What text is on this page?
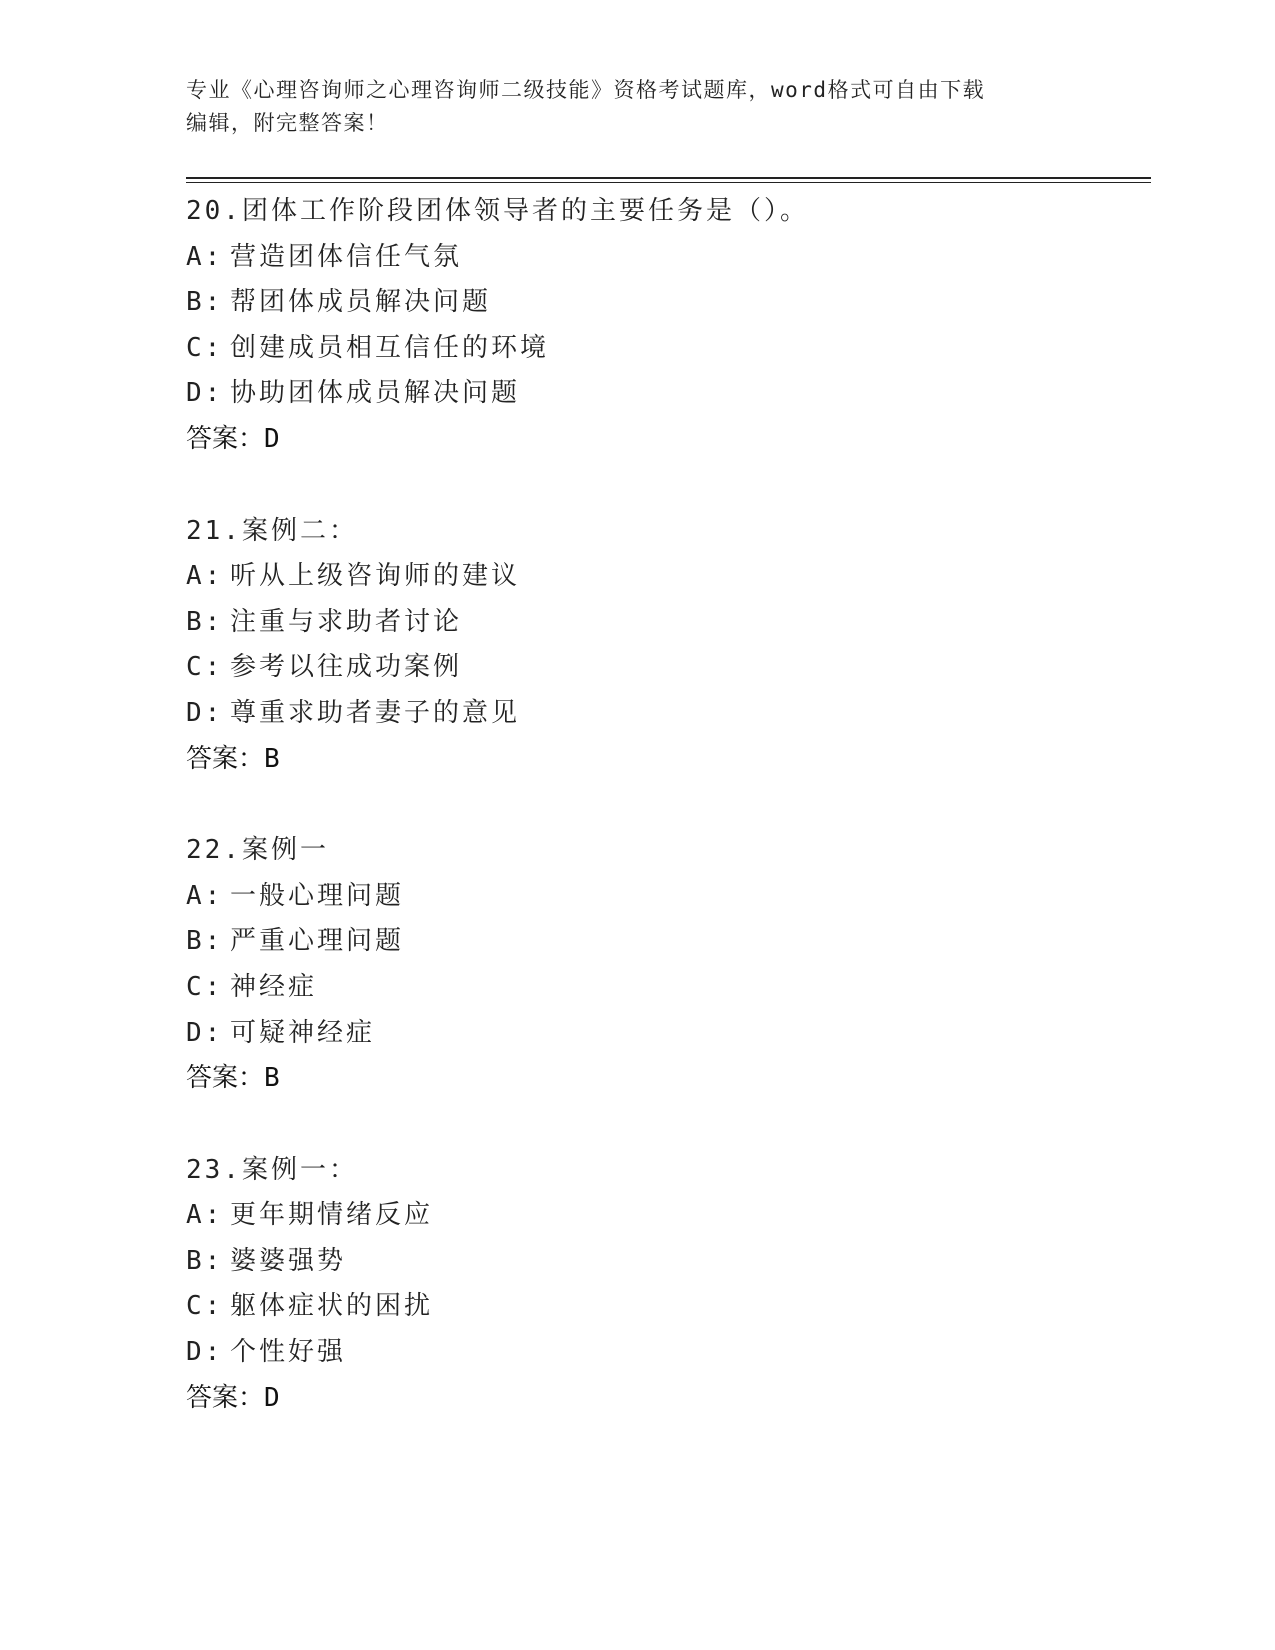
专业《心理咨询师之心理咨询师二级技能》资格考试题库，word格式可自由下载
编辑，附完整答案！
20.团体工作阶段团体领导者的主要任务是（）。
A: 营造团体信任气氛
B: 帮团体成员解决问题
C: 创建成员相互信任的环境
D: 协助团体成员解决问题
答案：D
21.案例二：
A: 听从上级咨询师的建议
B: 注重与求助者讨论
C: 参考以往成功案例
D: 尊重求助者妻子的意见
答案：B
22.案例一
A: 一般心理问题
B: 严重心理问题
C: 神经症
D: 可疑神经症
答案：B
23.案例一：
A: 更年期情绪反应
B: 婆婆强势
C: 躯体症状的困扰
D: 个性好强
答案：D
